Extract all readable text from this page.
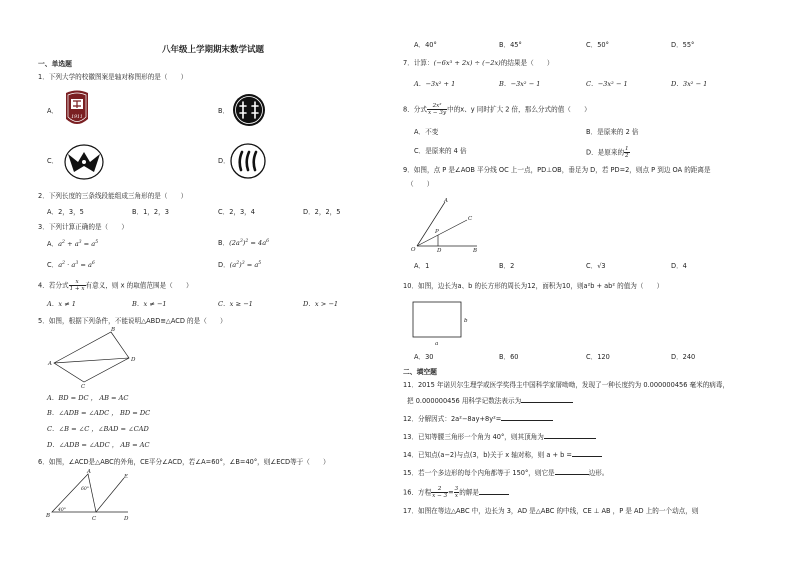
八年级上学期期末数学试题
一、单选题
1．下列大学的校徽图案是轴对称图形的是（　　）
A．	B．
C．	D．
1911
2．下列长度的三条线段能组成三角形的是（　　）
A．2，3，5	B．1，2，3	C．2，3，4	D．2，2，5
3．下列计算正确的是（　　）
A．$a^2 + a^3 = a^5$	B．$(2a^3)^2 = 4a^6$
C．$a^2 \cdot a^3 = a^6$	D．$(a^2)^3 = a^5$
4．若分式 $\frac{x}{1 + x}$ 有意义，则 x 的取值范围是（　　）
A．x ≠ 1	B．x ≠ −1	C．x ≥ −1	D．x > −1
5．如图，根据下列条件，不能说明△ABD≌△ACD 的是（　　）
A
B
D
C
A．BD = DC ， AB = AC
B．∠ADB = ∠ADC ， BD = DC
C．∠B = ∠C ，∠BAD = ∠CAD
D．∠ADB = ∠ADC ， AB = AC
6．如图，∠ACD是△ABC的外角，CE平分∠ACD，若∠A=60°，∠B=40°，则∠ECD等于（　　）
A
B	C	D
E
60°
40°
A．40°	B．45°	C．50°	D．55°
7．计算：(−6x³ + 2x) ÷ (−2x)的结果是（　　）
A．−3x² + 1	B．−3x² − 1	C．−3x² − 1	D．3x² − 1
8．分式 $\frac{\text{2x²}}{x - 3y}$ 中的x、y 同时扩大 2 倍，那么分式的值（　　）
A．不变	B．是原来的 2 倍
C．是原来的 4 倍	D．是原来的 $\frac{1}{2}$
9．如图，点 P 是∠AOB 平分线 OC 上一点，PD⊥OB，垂足为 D，若 PD=2，则点 P 到边 OA 的距离是
（　　）
O
A
C
B
D
P
A．1	B．2	C．√3	D．4
10．如图，边长为a、b 的长方形的周长为12，面积为10，则a²b + ab² 的值为（　　）
b
a
A．30	B．60	C．120	D．240
二、填空题
11．2015 年诺贝尔生理学或医学奖得主中国科学家屠呦呦，发现了一种长度约为 0.000000456 毫米的病毒，
把 0.000000456 用科学记数法表示为
12．分解因式：2a²−8ay+8y²=
13．已知等腰三角形一个角为 40°，则其顶角为
14．已知点(a−2)与点(3，b)关于 x 轴对称，则 a + b =
15．若一个多边形的每个内角都等于 150°，则它是	边形。
16．方程 $\frac{2}{x - 3} = \frac{3}{x}$ 的解是
17．如图在等边△ABC 中，边长为 3，AD 是△ABC 的中线，CE ⊥ AB ，P 是 AD 上的一个动点，则
